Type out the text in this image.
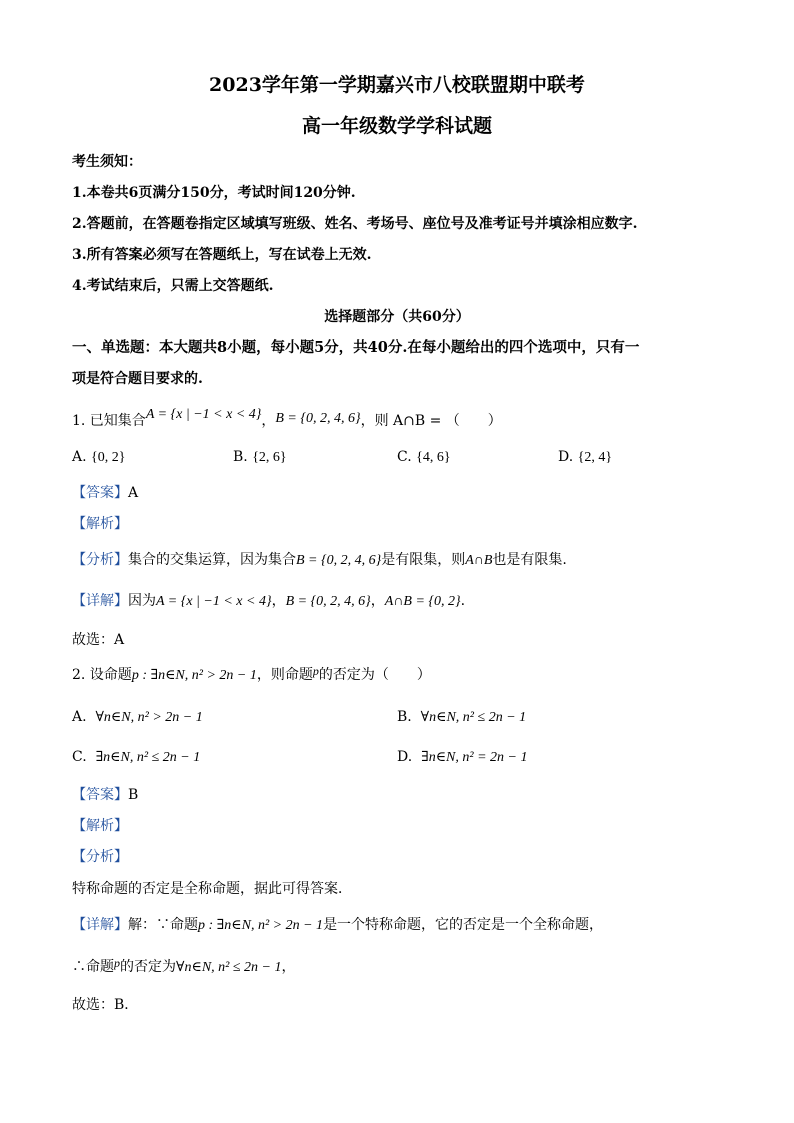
2023学年第一学期嘉兴市八校联盟期中联考
高一年级数学学科试题
考生须知：
1.本卷共6页满分150分，考试时间120分钟.
2.答题前，在答题卷指定区域填写班级、姓名、考场号、座位号及准考证号并填涂相应数字.
3.所有答案必须写在答题纸上，写在试卷上无效.
4.考试结束后，只需上交答题纸.
选择题部分（共60分）
一、单选题：本大题共8小题，每小题5分，共40分.在每小题给出的四个选项中，只有一
项是符合题目要求的.
1. 已知集合A = {x | −1 < x < 4}，B = {0, 2, 4, 6}，则 A∩B = （　　）
A. {0, 2}	B. {2, 6}	C. {4, 6}	D. {2, 4}
【答案】A
【解析】
【分析】集合的交集运算，因为集合B = {0, 2, 4, 6}是有限集，则A∩B也是有限集.
【详解】因为A = {x | −1 < x < 4}，B = {0, 2, 4, 6}，A∩B = {0, 2}.
故选：A
2. 设命题p : ∃n∈N, n² > 2n − 1，则命题p的否定为（　　）
A. ∀n∈N, n² > 2n − 1	B. ∀n∈N, n² ≤ 2n − 1
C. ∃n∈N, n² ≤ 2n − 1	D. ∃n∈N, n² = 2n − 1
【答案】B
【解析】
【分析】
特称命题的否定是全称命题，据此可得答案．
【详解】解：∵命题p : ∃n∈N, n² > 2n − 1是一个特称命题，它的否定是一个全称命题，
∴命题p的否定为∀n∈N, n² ≤ 2n − 1，
故选：B．
